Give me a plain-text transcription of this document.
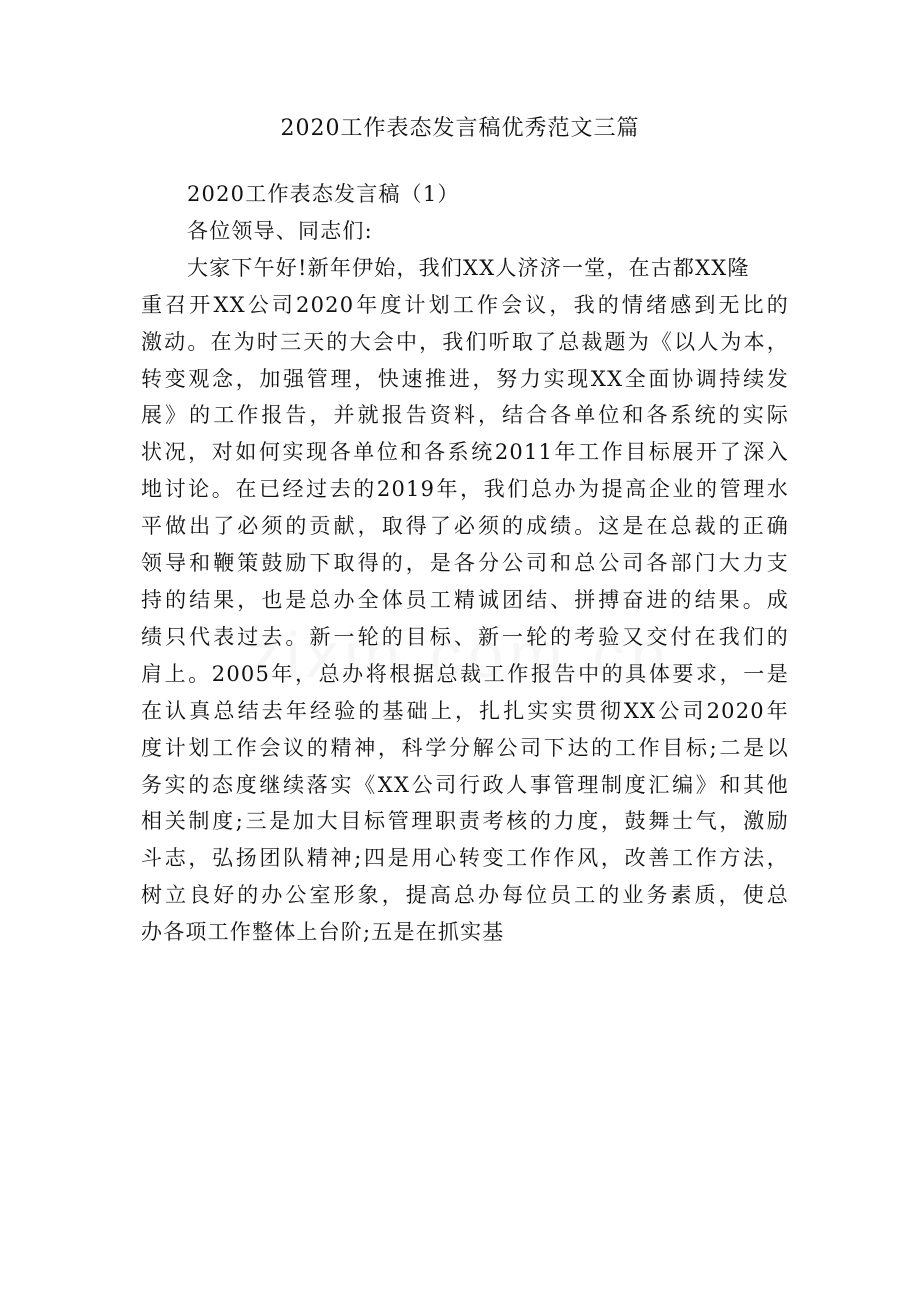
2020工作表态发言稿优秀范文三篇
2020工作表态发言稿（1）
各位领导、同志们:
大家下午好!新年伊始，我们XX人济济一堂，在古都XX隆
重召开XX公司2020年度计划工作会议，我的情绪感到无比的
激动。在为时三天的大会中，我们听取了总裁题为《以人为本，
转变观念，加强管理，快速推进，努力实现XX全面协调持续发
展》的工作报告，并就报告资料，结合各单位和各系统的实际
状况，对如何实现各单位和各系统2011年工作目标展开了深入
地讨论。在已经过去的2019年，我们总办为提高企业的管理水
平做出了必须的贡献，取得了必须的成绩。这是在总裁的正确
领导和鞭策鼓励下取得的，是各分公司和总公司各部门大力支
持的结果，也是总办全体员工精诚团结、拼搏奋进的结果。成
绩只代表过去。新一轮的目标、新一轮的考验又交付在我们的
肩上。2005年，总办将根据总裁工作报告中的具体要求，一是
在认真总结去年经验的基础上，扎扎实实贯彻XX公司2020年
度计划工作会议的精神，科学分解公司下达的工作目标;二是以
务实的态度继续落实《XX公司行政人事管理制度汇编》和其他
相关制度;三是加大目标管理职责考核的力度，鼓舞士气，激励
斗志，弘扬团队精神;四是用心转变工作作风，改善工作方法，
树立良好的办公室形象，提高总办每位员工的业务素质，使总
办各项工作整体上台阶;五是在抓实基
